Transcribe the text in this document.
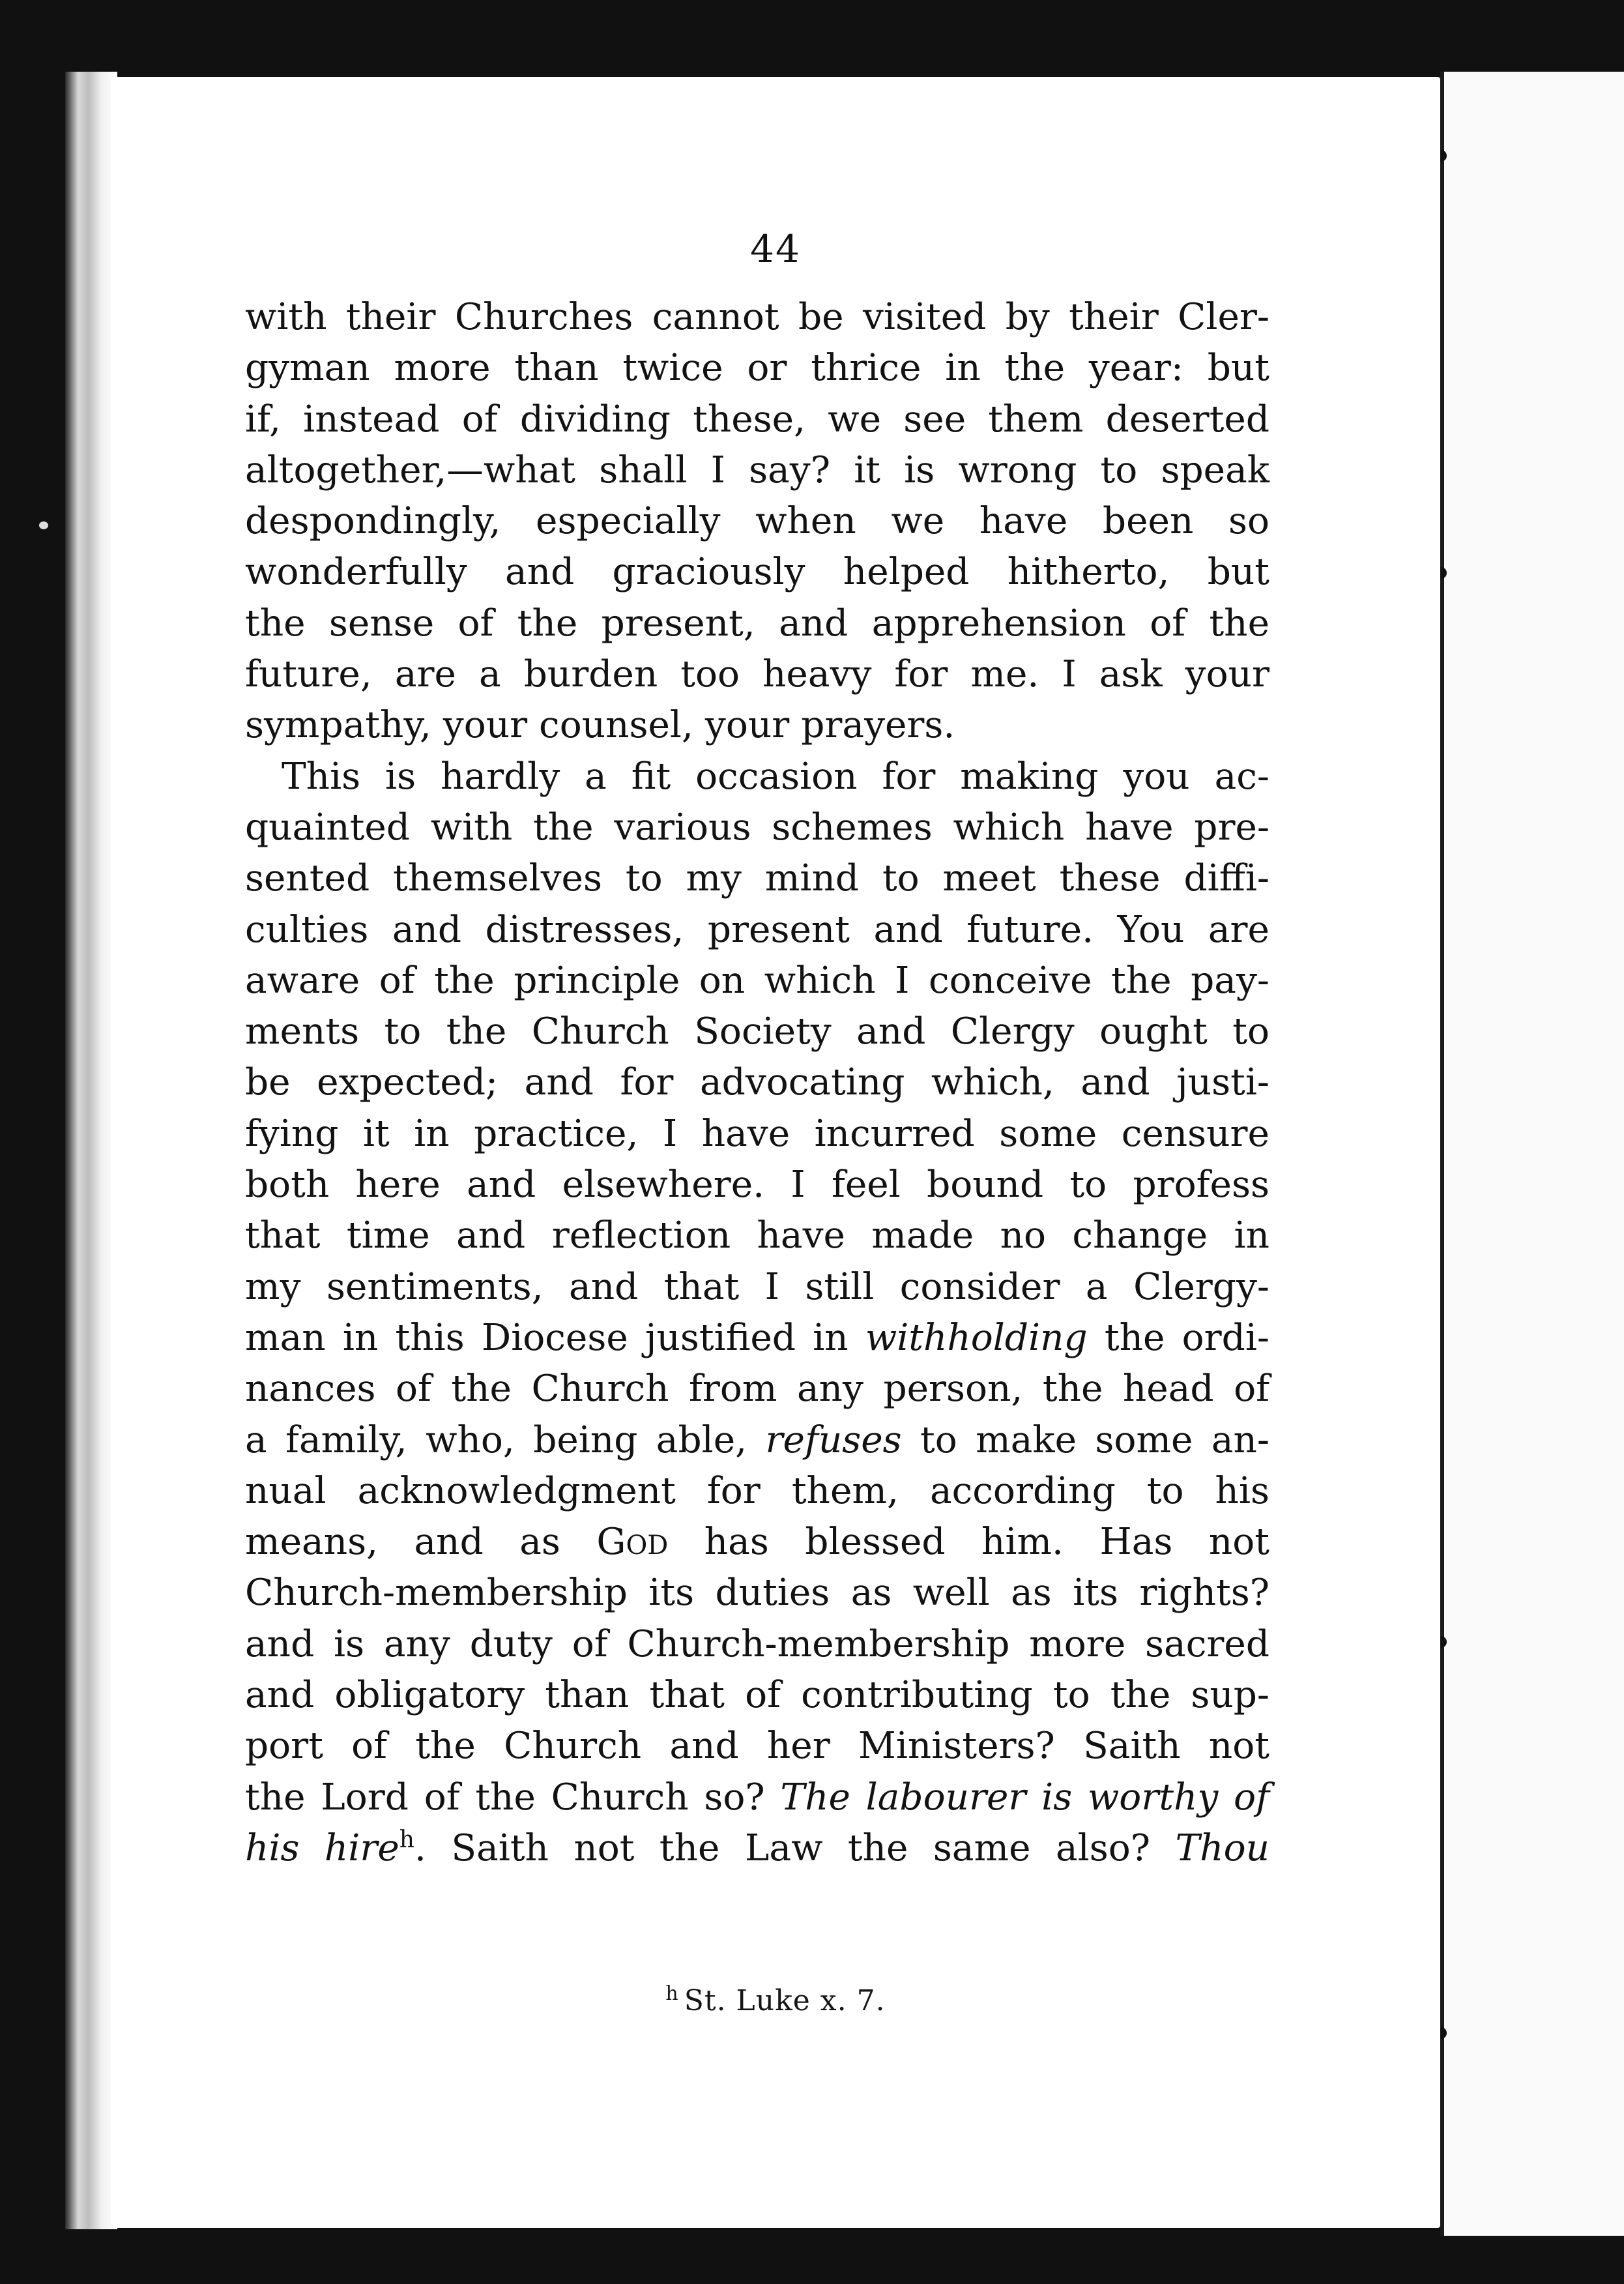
44
$^h$ St. Luke x. 7.
with their Churches cannot be visited by their Cler-
gyman more than twice or thrice in the year: but
if, instead of dividing these, we see them deserted
altogether,—what shall I say? it is wrong to speak
despondingly, especially when we have been so
wonderfully and graciously helped hitherto, but
the sense of the present, and apprehension of the
future, are a burden too heavy for me. I ask your
sympathy, your counsel, your prayers.
This is hardly a fit occasion for making you ac-
quainted with the various schemes which have pre-
sented themselves to my mind to meet these diffi-
culties and distresses, present and future. You are
aware of the principle on which I conceive the pay-
ments to the Church Society and Clergy ought to
be expected; and for advocating which, and justi-
fying it in practice, I have incurred some censure
both here and elsewhere. I feel bound to profess
that time and reflection have made no change in
my sentiments, and that I still consider a Clergy-
man in this Diocese justified in withholding the ordi-
nances of the Church from any person, the head of
a family, who, being able, refuses to make some an-
nual acknowledgment for them, according to his
means, and as God has blessed him. Has not
Church-membership its duties as well as its rights?
and is any duty of Church-membership more sacred
and obligatory than that of contributing to the sup-
port of the Church and her Ministers? Saith not
the Lord of the Church so? The labourer is worthy of
his hire$^h$. Saith not the Law the same also? Thou
